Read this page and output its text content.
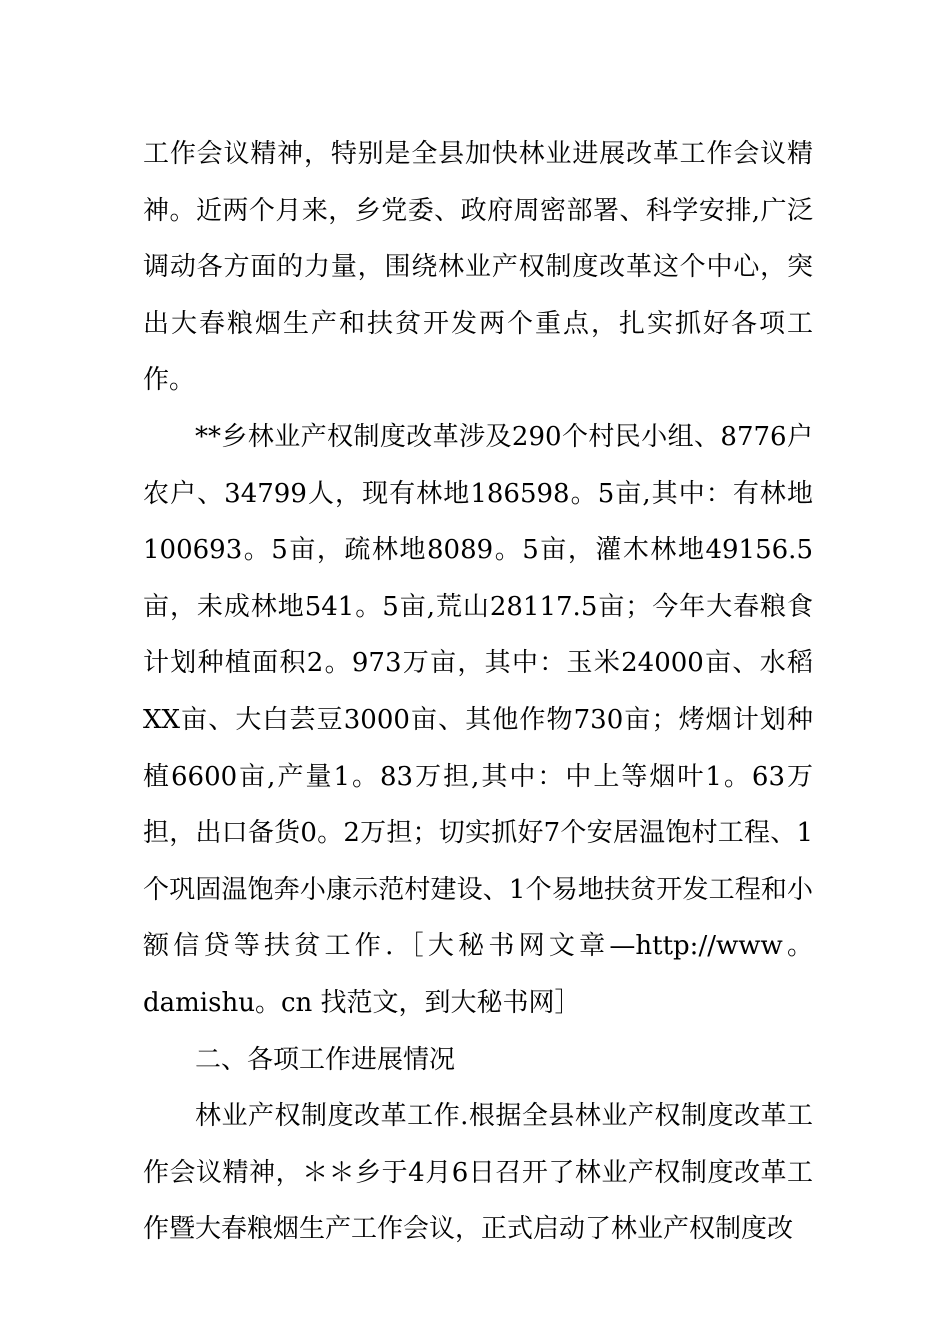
工作会议精神，特别是全县加快林业进展改革工作会议精神。近两个月来，乡党委、政府周密部署、科学安排,广泛调动各方面的力量，围绕林业产权制度改革这个中心，突出大春粮烟生产和扶贫开发两个重点，扎实抓好各项工作。

**乡林业产权制度改革涉及290个村民小组、8776户农户、34799人，现有林地186598。5亩,其中：有林地100693。5亩，疏林地8089。5亩，灌木林地49156.5亩，未成林地541。5亩,荒山28117.5亩；今年大春粮食计划种植面积2。973万亩，其中：玉米24000亩、水稻XX亩、大白芸豆3000亩、其他作物730亩；烤烟计划种植6600亩,产量1。83万担,其中：中上等烟叶1。63万担，出口备货0。2万担；切实抓好7个安居温饱村工程、1个巩固温饱奔小康示范村建设、1个易地扶贫开发工程和小额信贷等扶贫工作.［大秘书网文章—http://www。damishu。cn 找范文，到大秘书网］

二、各项工作进展情况

林业产权制度改革工作.根据全县林业产权制度改革工作会议精神，＊＊乡于4月6日召开了林业产权制度改革工作暨大春粮烟生产工作会议，正式启动了林业产权制度改
